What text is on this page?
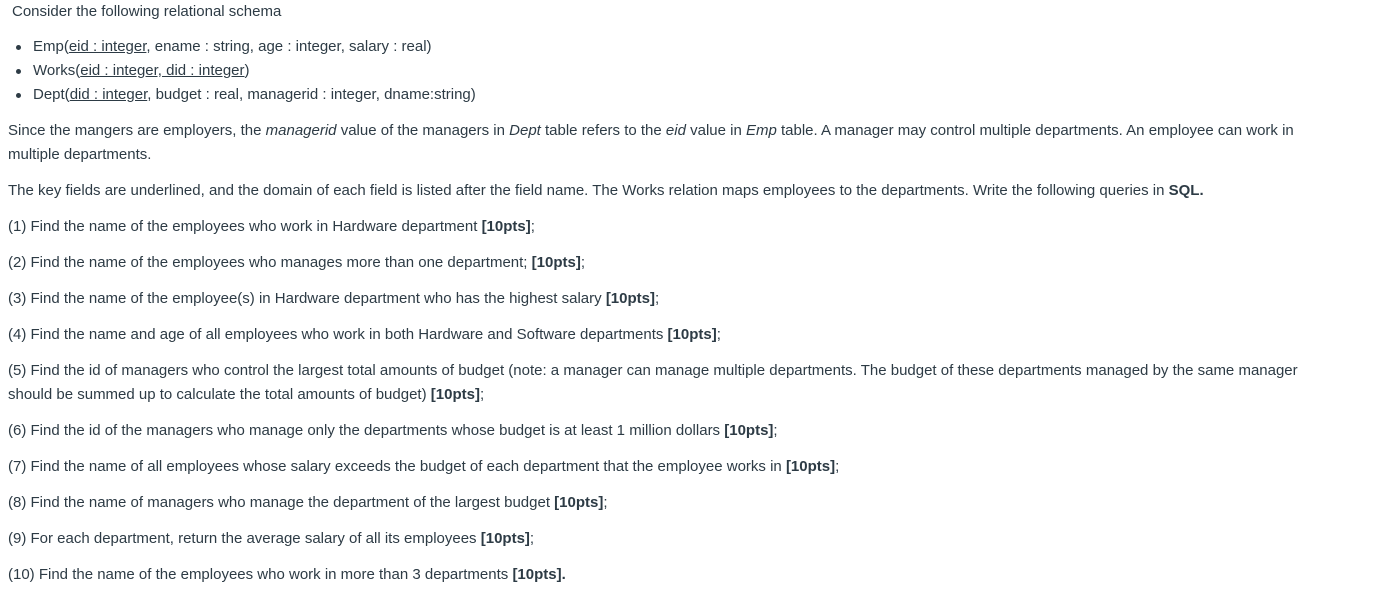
Consider the following relational schema

Emp(eid : integer, ename : string, age : integer, salary : real)
Works(eid : integer, did : integer)
Dept(did : integer, budget : real, managerid : integer, dname:string)

Since the mangers are employers, the managerid value of the managers in Dept table refers to the eid value in Emp table. A manager may control multiple departments. An employee can work in multiple departments.

The key fields are underlined, and the domain of each field is listed after the field name. The Works relation maps employees to the departments. Write the following queries in SQL.

(1) Find the name of the employees who work in Hardware department [10pts];

(2) Find the name of the employees who manages more than one department; [10pts];

(3) Find the name of the employee(s) in Hardware department who has the highest salary [10pts];

(4) Find the name and age of all employees who work in both Hardware and Software departments [10pts];

(5) Find the id of managers who control the largest total amounts of budget (note: a manager can manage multiple departments. The budget of these departments managed by the same manager should be summed up to calculate the total amounts of budget) [10pts];

(6) Find the id of the managers who manage only the departments whose budget is at least 1 million dollars [10pts];

(7) Find the name of all employees whose salary exceeds the budget of each department that the employee works in [10pts];

(8) Find the name of managers who manage the department of the largest budget [10pts];

(9) For each department, return the average salary of all its employees [10pts];

(10) Find the name of the employees who work in more than 3 departments [10pts].
